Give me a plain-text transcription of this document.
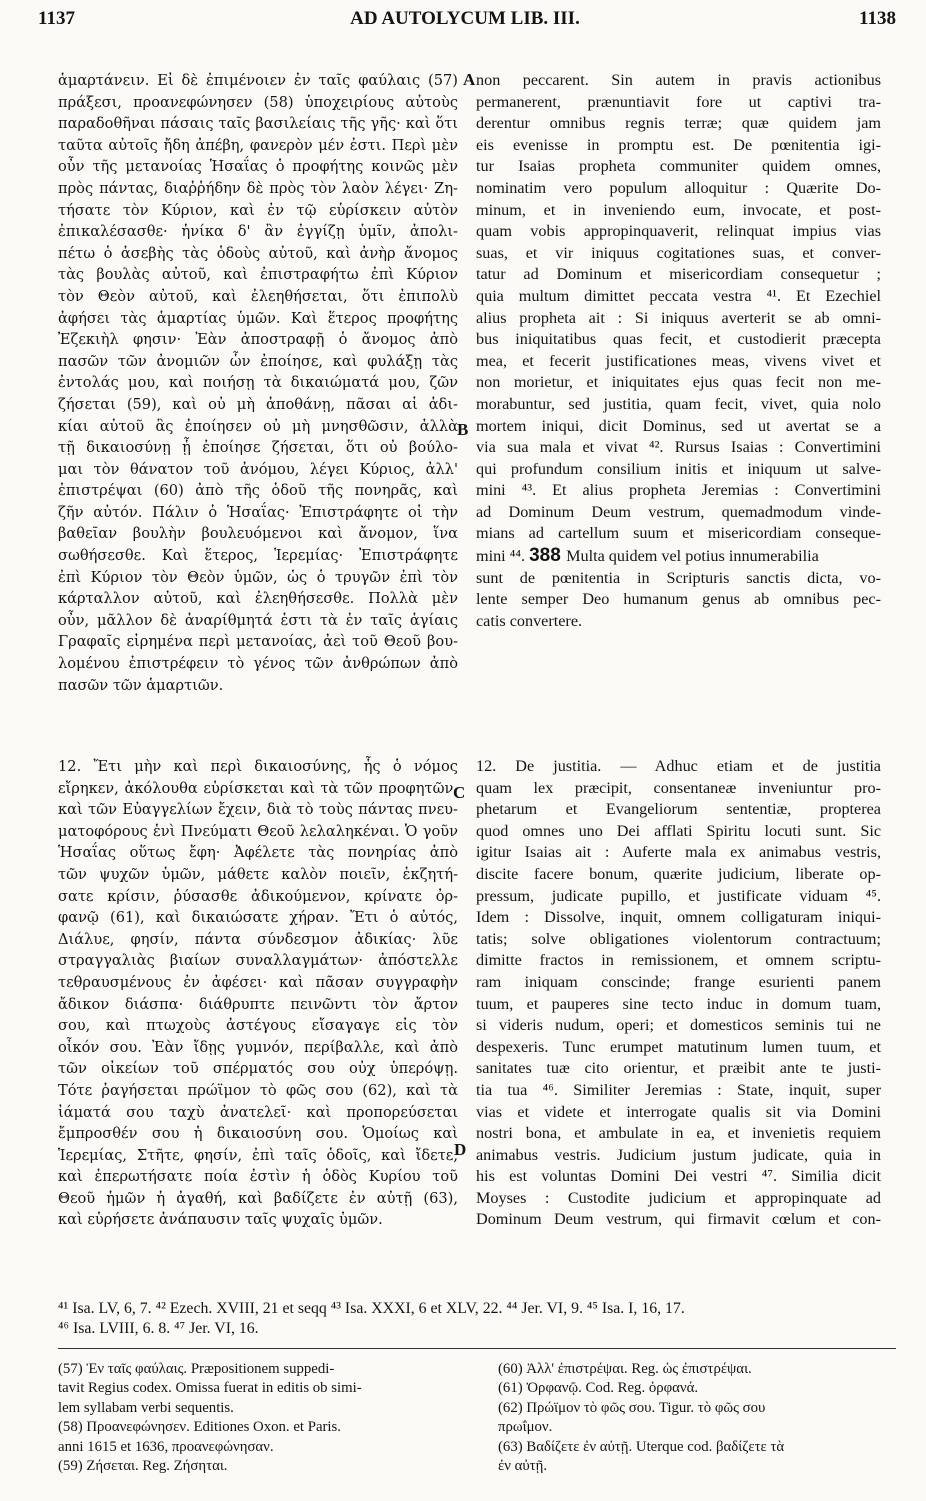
1137	AD AUTOLYCUM LIB. III.	1138
A
B
C
D
ἁμαρτάνειν. Εἰ δὲ ἐπιμένοιεν ἐν ταῖς φαύλαις (57)
πράξεσι, προανεφώνησεν (58) ὑποχειρίους αὐτοὺς
παραδοθῆναι πάσαις ταῖς βασιλείαις τῆς γῆς· καὶ ὅτι
ταῦτα αὐτοῖς ἤδη ἀπέβη, φανερὸν μέν ἐστι. Περὶ μὲν
οὖν τῆς μετανοίας Ἡσαΐας ὁ προφήτης κοινῶς μὲν
πρὸς πάντας, διαῤῥήδην δὲ πρὸς τὸν λαὸν λέγει· Ζη-
τήσατε τὸν Κύριον, καὶ ἐν τῷ εὑρίσκειν αὐτὸν
ἐπικαλέσασθε· ἡνίκα δ' ἂν ἐγγίζῃ ὑμῖν, ἀπολι-
πέτω ὁ ἀσεβὴς τὰς ὁδοὺς αὐτοῦ, καὶ ἀνὴρ ἄνομος
τὰς βουλὰς αὐτοῦ, καὶ ἐπιστραφήτω ἐπὶ Κύριον
τὸν Θεὸν αὐτοῦ, καὶ ἐλεηθήσεται, ὅτι ἐπιπολὺ
ἀφήσει τὰς ἁμαρτίας ὑμῶν. Καὶ ἕτερος προφήτης
Ἐζεκιὴλ φησιν· Ἐὰν ἀποστραφῇ ὁ ἄνομος ἀπὸ
πασῶν τῶν ἀνομιῶν ὧν ἐποίησε, καὶ φυλάξῃ τὰς
ἐντολάς μου, καὶ ποιήσῃ τὰ δικαιώματά μου, ζῶν
ζήσεται (59), καὶ οὐ μὴ ἀποθάνῃ, πᾶσαι αἱ ἀδι-
κίαι αὐτοῦ ἃς ἐποίησεν οὐ μὴ μνησθῶσιν, ἀλλὰ
τῇ δικαιοσύνῃ ᾗ ἐποίησε ζήσεται, ὅτι οὐ βούλο-
μαι τὸν θάνατον τοῦ ἀνόμου, λέγει Κύριος, ἀλλ'
ἐπιστρέψαι (60) ἀπὸ τῆς ὁδοῦ τῆς πονηρᾶς, καὶ
ζῆν αὐτόν. Πάλιν ὁ Ἡσαΐας· Ἐπιστράφητε οἱ τὴν
βαθεῖαν βουλὴν βουλευόμενοι καὶ ἄνομον, ἵνα
σωθήσεσθε. Καὶ ἕτερος, Ἱερεμίας· Ἐπιστράφητε
ἐπὶ Κύριον τὸν Θεὸν ὑμῶν, ὡς ὁ τρυγῶν ἐπὶ τὸν
κάρταλλον αὐτοῦ, καὶ ἐλεηθήσεσθε. Πολλὰ μὲν
οὖν, μᾶλλον δὲ ἀναρίθμητά ἐστι τὰ ἐν ταῖς ἁγίαις
Γραφαῖς εἰρημένα περὶ μετανοίας, ἀεὶ τοῦ Θεοῦ βου-
λομένου ἐπιστρέφειν τὸ γένος τῶν ἀνθρώπων ἀπὸ
πασῶν τῶν ἁμαρτιῶν.
non peccarent. Sin autem in pravis actionibus
permanerent, prænuntiavit fore ut captivi tra-
derentur omnibus regnis terræ; quæ quidem jam
eis evenisse in promptu est. De pœnitentia igi-
tur Isaias propheta communiter quidem omnes,
nominatim vero populum alloquitur : Quærite Do-
minum, et in inveniendo eum, invocate, et post-
quam vobis appropinquaverit, relinquat impius vias
suas, et vir iniquus cogitationes suas, et conver-
tatur ad Dominum et misericordiam consequetur ;
quia multum dimittet peccata vestra ⁴¹. Et Ezechiel
alius propheta ait : Si iniquus averterit se ab omni-
bus iniquitatibus quas fecit, et custodierit præcepta
mea, et fecerit justificationes meas, vivens vivet et
non morietur, et iniquitates ejus quas fecit non me-
morabuntur, sed justitia, quam fecit, vivet, quia nolo
mortem iniqui, dicit Dominus, sed ut avertat se a
via sua mala et vivat ⁴². Rursus Isaias : Convertimini
qui profundum consilium initis et iniquum ut salve-
mini ⁴³. Et alius propheta Jeremias : Convertimini
ad Dominum Deum vestrum, quemadmodum vinde-
mians ad cartellum suum et misericordiam conseque-
mini ⁴⁴. 388 Multa quidem vel potius innumerabilia
sunt de pœnitentia in Scripturis sanctis dicta, vo-
lente semper Deo humanum genus ab omnibus pec-
catis convertere.
12. Ἔτι μὴν καὶ περὶ δικαιοσύνης, ἧς ὁ νόμος
εἴρηκεν, ἀκόλουθα εὑρίσκεται καὶ τὰ τῶν προφητῶν,
καὶ τῶν Εὐαγγελίων ἔχειν, διὰ τὸ τοὺς πάντας πνευ-
ματοφόρους ἑνὶ Πνεύματι Θεοῦ λελαληκέναι. Ὁ γοῦν
Ἡσαΐας οὕτως ἔφη· Ἀφέλετε τὰς πονηρίας ἀπὸ
τῶν ψυχῶν ὑμῶν, μάθετε καλὸν ποιεῖν, ἐκζητή-
σατε κρίσιν, ῥύσασθε ἀδικούμενον, κρίνατε ὀρ-
φανῷ (61), καὶ δικαιώσατε χήραν. Ἔτι ὁ αὐτός,
Διάλυε, φησίν, πάντα σύνδεσμον ἀδικίας· λῦε
στραγγαλιὰς βιαίων συναλλαγμάτων· ἀπόστελλε
τεθραυσμένους ἐν ἀφέσει· καὶ πᾶσαν συγγραφὴν
ἄδικον διάσπα· διάθρυπτε πεινῶντι τὸν ἄρτον
σου, καὶ πτωχοὺς ἀστέγους εἴσαγαγε εἰς τὸν
οἶκόν σου. Ἐὰν ἴδῃς γυμνόν, περίβαλλε, καὶ ἀπὸ
τῶν οἰκείων τοῦ σπέρματός σου οὐχ ὑπερόψῃ.
Τότε ῥαγήσεται πρώϊμον τὸ φῶς σου (62), καὶ τὰ
ἰάματά σου ταχὺ ἀνατελεῖ· καὶ προπορεύσεται
ἔμπροσθέν σου ἡ δικαιοσύνη σου. Ὁμοίως καὶ
Ἱερεμίας, Στῆτε, φησίν, ἐπὶ ταῖς ὁδοῖς, καὶ ἴδετε,
καὶ ἐπερωτήσατε ποία ἐστὶν ἡ ὁδὸς Κυρίου τοῦ
Θεοῦ ἡμῶν ἡ ἀγαθή, καὶ βαδίζετε ἐν αὐτῇ (63),
καὶ εὑρήσετε ἀνάπαυσιν ταῖς ψυχαῖς ὑμῶν.
12. De justitia. — Adhuc etiam et de justitia
quam lex præcipit, consentaneæ inveniuntur pro-
phetarum et Evangeliorum sententiæ, propterea
quod omnes uno Dei afflati Spiritu locuti sunt. Sic
igitur Isaias ait : Auferte mala ex animabus vestris,
discite facere bonum, quærite judicium, liberate op-
pressum, judicate pupillo, et justificate viduam ⁴⁵.
Idem : Dissolve, inquit, omnem colligaturam iniqui-
tatis; solve obligationes violentorum contractuum;
dimitte fractos in remissionem, et omnem scriptu-
ram iniquam conscinde; frange esurienti panem
tuum, et pauperes sine tecto induc in domum tuam,
si videris nudum, operi; et domesticos seminis tui ne
despexeris. Tunc erumpet matutinum lumen tuum, et
sanitates tuæ cito orientur, et præibit ante te justi-
tia tua ⁴⁶. Similiter Jeremias : State, inquit, super
vias et videte et interrogate qualis sit via Domini
nostri bona, et ambulate in ea, et invenietis requiem
animabus vestris. Judicium justum judicate, quia in
his est voluntas Domini Dei vestri ⁴⁷. Similia dicit
Moyses : Custodite judicium et appropinquate ad
Dominum Deum vestrum, qui firmavit cœlum et con-
⁴¹ Isa. LV, 6, 7. ⁴² Ezech. XVIII, 21 et seqq ⁴³ Isa. XXXI, 6 et XLV, 22. ⁴⁴ Jer. VI, 9. ⁴⁵ Isa. I, 16, 17.
⁴⁶ Isa. LVIII, 6. 8. ⁴⁷ Jer. VI, 16.
(57) Ἐν ταῖς φαύλαις. Præpositionem suppedi-
tavit Regius codex. Omissa fuerat in editis ob simi-
lem syllabam verbi sequentis.
(58) Προανεφώνησεν. Editiones Oxon. et Paris.
anni 1615 et 1636, προανεφώνησαν.
(59) Ζήσεται. Reg. Ζήσηται.
(60) Ἀλλ' ἐπιστρέψαι. Reg. ὡς ἐπιστρέψαι.
(61) Ὀρφανῷ. Cod. Reg. ὀρφανά.
(62) Πρώϊμον τὸ φῶς σου. Tigur. τὸ φῶς σου
πρωΐμον.
(63) Βαδίζετε ἐν αὐτῇ. Uterque cod. βαδίζετε τὰ
ἐν αὐτῇ.
